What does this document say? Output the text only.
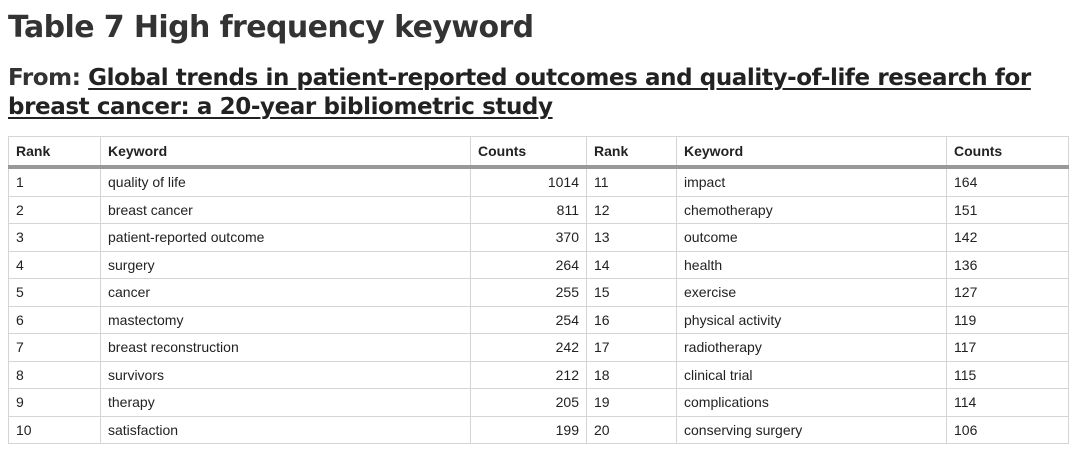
Table 7 High frequency keyword

From: Global trends in patient-reported outcomes and quality-of-life research for breast cancer: a 20-year bibliometric study

Rank	Keyword	Counts	Rank	Keyword	Counts
1	quality of life	1014	11	impact	164
2	breast cancer	811	12	chemotherapy	151
3	patient-reported outcome	370	13	outcome	142
4	surgery	264	14	health	136
5	cancer	255	15	exercise	127
6	mastectomy	254	16	physical activity	119
7	breast reconstruction	242	17	radiotherapy	117
8	survivors	212	18	clinical trial	115
9	therapy	205	19	complications	114
10	satisfaction	199	20	conserving surgery	106
